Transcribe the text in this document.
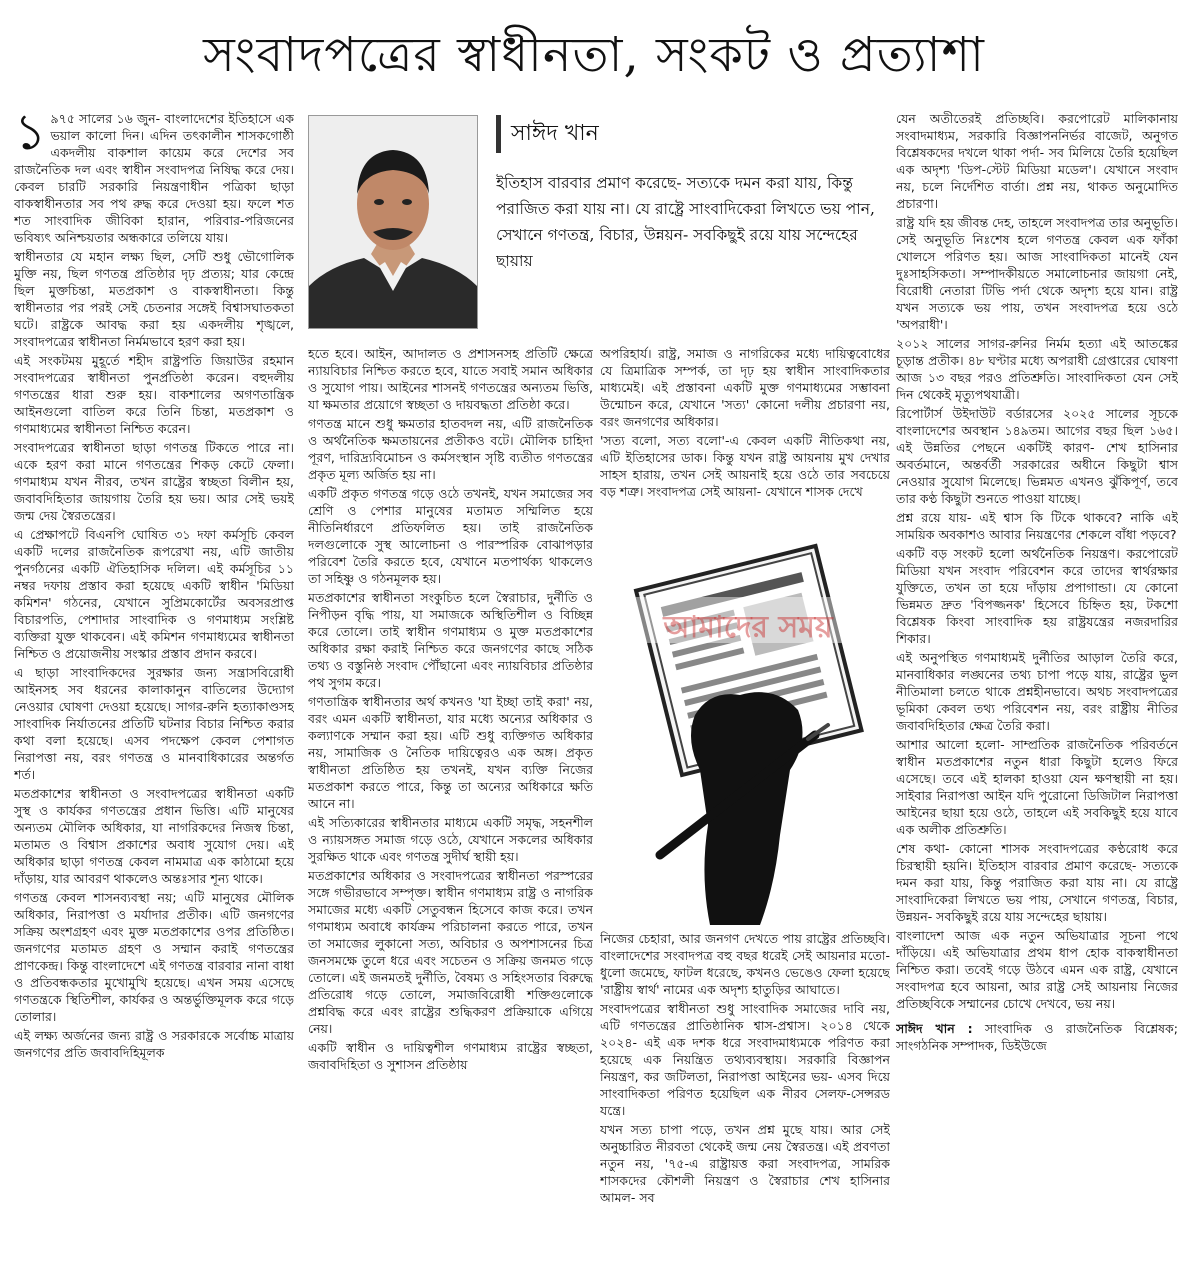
সংবাদপত্রের স্বাধীনতা, সংকট ও প্রত্যাশা
১ ৯৭৫ সালের ১৬ জুন- বাংলাদেশের ইতিহাসে এক ভয়াল কালো দিন। এদিন তৎকালীন শাসকগোষ্ঠী একদলীয় বাকশাল কায়েম করে দেশের সব রাজনৈতিক দল এবং স্বাধীন সংবাদপত্র নিষিদ্ধ করে দেয়। কেবল চারটি সরকারি নিয়ন্ত্রণাধীন পত্রিকা ছাড়া বাকস্বাধীনতার সব পথ রুদ্ধ করে দেওয়া হয়। ফলে শত শত সাংবাদিক জীবিকা হারান, পরিবার-পরিজনের ভবিষ্যৎ অনিশ্চয়তার অন্ধকারে তলিয়ে যায়।

স্বাধীনতার যে মহান লক্ষ্য ছিল, সেটি শুধু ভৌগোলিক মুক্তি নয়, ছিল গণতন্ত্র প্রতিষ্ঠার দৃঢ় প্রত্যয়; যার কেন্দ্রে ছিল মুক্তচিন্তা, মতপ্রকাশ ও বাকস্বাধীনতা। কিন্তু স্বাধীনতার পর পরই সেই চেতনার সঙ্গেই বিশ্বাসঘাতকতা ঘটে। রাষ্ট্রকে আবদ্ধ করা হয় একদলীয় শৃঙ্খলে, সংবাদপত্রের স্বাধীনতা নির্মমভাবে হরণ করা হয়।

এই সংকটময় মুহূর্তে শহীদ রাষ্ট্রপতি জিয়াউর রহমান সংবাদপত্রের স্বাধীনতা পুনর্প্রতিষ্ঠা করেন। বহুদলীয় গণতন্ত্রের ধারা শুরু হয়। বাকশালের অগণতান্ত্রিক আইনগুলো বাতিল করে তিনি চিন্তা, মতপ্রকাশ ও গণমাধ্যমের স্বাধীনতা নিশ্চিত করেন।

সংবাদপত্রের স্বাধীনতা ছাড়া গণতন্ত্র টিকতে পারে না। একে হরণ করা মানে গণতন্ত্রের শিকড় কেটে ফেলা। গণমাধ্যম যখন নীরব, তখন রাষ্ট্রের স্বচ্ছতা বিলীন হয়, জবাবদিহিতার জায়গায় তৈরি হয় ভয়। আর সেই ভয়ই জন্ম দেয় স্বৈরতন্ত্রের।

এ প্রেক্ষাপটে বিএনপি ঘোষিত ৩১ দফা কর্মসূচি কেবল একটি দলের রাজনৈতিক রূপরেখা নয়, এটি জাতীয় পুনর্গঠনের একটি ঐতিহাসিক দলিল। এই কর্মসূচির ১১ নম্বর দফায় প্রস্তাব করা হয়েছে একটি স্বাধীন 'মিডিয়া কমিশন' গঠনের, যেখানে সুপ্রিমকোর্টের অবসরপ্রাপ্ত বিচারপতি, পেশাদার সাংবাদিক ও গণমাধ্যম সংশ্লিষ্ট ব্যক্তিরা যুক্ত থাকবেন। এই কমিশন গণমাধ্যমের স্বাধীনতা নিশ্চিত ও প্রয়োজনীয় সংস্কার প্রস্তাব প্রদান করবে।

এ ছাড়া সাংবাদিকদের সুরক্ষার জন্য সন্ত্রাসবিরোধী আইনসহ সব ধরনের কালাকানুন বাতিলের উদ্যোগ নেওয়ার ঘোষণা দেওয়া হয়েছে। সাগর-রুনি হত্যাকাণ্ডসহ সাংবাদিক নির্যাতনের প্রতিটি ঘটনার বিচার নিশ্চিত করার কথা বলা হয়েছে। এসব পদক্ষেপ কেবল পেশাগত নিরাপত্তা নয়, বরং গণতন্ত্র ও মানবাধিকারের অন্তর্গত শর্ত।

মতপ্রকাশের স্বাধীনতা ও সংবাদপত্রের স্বাধীনতা একটি সুস্থ ও কার্যকর গণতন্ত্রের প্রধান ভিত্তি। এটি মানুষের অন্যতম মৌলিক অধিকার, যা নাগরিকদের নিজস্ব চিন্তা, মতামত ও বিশ্বাস প্রকাশের অবাধ সুযোগ দেয়। এই অধিকার ছাড়া গণতন্ত্র কেবল নামমাত্র এক কাঠামো হয়ে দাঁড়ায়, যার আবরণ থাকলেও অন্তঃসার শূন্য থাকে।

গণতন্ত্র কেবল শাসনব্যবস্থা নয়; এটি মানুষের মৌলিক অধিকার, নিরাপত্তা ও মর্যাদার প্রতীক। এটি জনগণের সক্রিয় অংশগ্রহণ এবং মুক্ত মতপ্রকাশের ওপর প্রতিষ্ঠিত। জনগণের মতামত গ্রহণ ও সম্মান করাই গণতন্ত্রের প্রাণকেন্দ্র। কিন্তু বাংলাদেশে এই গণতন্ত্র বারবার নানা বাধা ও প্রতিবন্ধকতার মুখোমুখি হয়েছে। এখন সময় এসেছে গণতন্ত্রকে স্থিতিশীল, কার্যকর ও অন্তর্ভুক্তিমূলক করে গড়ে তোলার।

এই লক্ষ্য অর্জনের জন্য রাষ্ট্র ও সরকারকে সর্বোচ্চ মাত্রায় জনগণের প্রতি জবাবদিহিমূলক

সাঈদ খান
ইতিহাস বারবার প্রমাণ করেছে- সত্যকে দমন করা যায়, কিন্তু পরাজিত করা যায় না। যে রাষ্ট্রে সাংবাদিকেরা লিখতে ভয় পান, সেখানে গণতন্ত্র, বিচার, উন্নয়ন- সবকিছুই রয়ে যায় সন্দেহের ছায়ায়

হতে হবে। আইন, আদালত ও প্রশাসনসহ প্রতিটি ক্ষেত্রে ন্যায়বিচার নিশ্চিত করতে হবে, যাতে সবাই সমান অধিকার ও সুযোগ পায়। আইনের শাসনই গণতন্ত্রের অন্যতম ভিত্তি, যা ক্ষমতার প্রয়োগে স্বচ্ছতা ও দায়বদ্ধতা প্রতিষ্ঠা করে।

গণতন্ত্র মানে শুধু ক্ষমতার হাতবদল নয়, এটি রাজনৈতিক ও অর্থনৈতিক ক্ষমতায়নের প্রতীকও বটে। মৌলিক চাহিদা পূরণ, দারিদ্র্যবিমোচন ও কর্মসংস্থান সৃষ্টি ব্যতীত গণতন্ত্রের প্রকৃত মূল্য অর্জিত হয় না।

একটি প্রকৃত গণতন্ত্র গড়ে ওঠে তখনই, যখন সমাজের সব শ্রেণি ও পেশার মানুষের মতামত সম্মিলিত হয়ে নীতিনির্ধারণে প্রতিফলিত হয়। তাই রাজনৈতিক দলগুলোকে সুস্থ আলোচনা ও পারস্পরিক বোঝাপড়ার পরিবেশ তৈরি করতে হবে, যেখানে মতপার্থক্য থাকলেও তা সহিষ্ণু ও গঠনমূলক হয়।

মতপ্রকাশের স্বাধীনতা সংকুচিত হলে স্বৈরাচার, দুর্নীতি ও নিপীড়ন বৃদ্ধি পায়, যা সমাজকে অস্থিতিশীল ও বিচ্ছিন্ন করে তোলে। তাই স্বাধীন গণমাধ্যম ও মুক্ত মতপ্রকাশের অধিকার রক্ষা করাই নিশ্চিত করে জনগণের কাছে সঠিক তথ্য ও বস্তুনিষ্ঠ সংবাদ পৌঁছানো এবং ন্যায়বিচার প্রতিষ্ঠার পথ সুগম করে।

গণতান্ত্রিক স্বাধীনতার অর্থ কখনও 'যা ইচ্ছা তাই করা' নয়, বরং এমন একটি স্বাধীনতা, যার মধ্যে অন্যের অধিকার ও কল্যাণকে সম্মান করা হয়। এটি শুধু ব্যক্তিগত অধিকার নয়, সামাজিক ও নৈতিক দায়িত্বেরও এক অঙ্গ। প্রকৃত স্বাধীনতা প্রতিষ্ঠিত হয় তখনই, যখন ব্যক্তি নিজের মতপ্রকাশ করতে পারে, কিন্তু তা অন্যের অধিকারে ক্ষতি আনে না।

এই সত্যিকারের স্বাধীনতার মাধ্যমে একটি সমৃদ্ধ, সহনশীল ও ন্যায়সঙ্গত সমাজ গড়ে ওঠে, যেখানে সকলের অধিকার সুরক্ষিত থাকে এবং গণতন্ত্র সুদীর্ঘ স্থায়ী হয়।

মতপ্রকাশের অধিকার ও সংবাদপত্রের স্বাধীনতা পরস্পরের সঙ্গে গভীরভাবে সম্পৃক্ত। স্বাধীন গণমাধ্যম রাষ্ট্র ও নাগরিক সমাজের মধ্যে একটি সেতুবন্ধন হিসেবে কাজ করে। তখন গণমাধ্যম অবাধে কার্যক্রম পরিচালনা করতে পারে, তখন তা সমাজের লুকানো সত্য, অবিচার ও অপশাসনের চিত্র জনসমক্ষে তুলে ধরে এবং সচেতন ও সক্রিয় জনমত গড়ে তোলে। এই জনমতই দুর্নীতি, বৈষম্য ও সহিংসতার বিরুদ্ধে প্রতিরোধ গড়ে তোলে, সমাজবিরোধী শক্তিগুলোকে প্রশ্নবিদ্ধ করে এবং রাষ্ট্রের শুদ্ধিকরণ প্রক্রিয়াকে এগিয়ে নেয়।

একটি স্বাধীন ও দায়িত্বশীল গণমাধ্যম রাষ্ট্রের স্বচ্ছতা, জবাবদিহিতা ও সুশাসন প্রতিষ্ঠায়

অপরিহার্য। রাষ্ট্র, সমাজ ও নাগরিকের মধ্যে দায়িত্ববোধের যে ত্রিমাত্রিক সম্পর্ক, তা দৃঢ় হয় স্বাধীন সাংবাদিকতার মাধ্যমেই। এই প্রস্তাবনা একটি মুক্ত গণমাধ্যমের সম্ভাবনা উন্মোচন করে, যেখানে 'সত্য' কোনো দলীয় প্রচারণা নয়, বরং জনগণের অধিকার।

'সত্য বলো, সত্য বলো'-এ কেবল একটি নীতিকথা নয়, এটি ইতিহাসের ডাক। কিন্তু যখন রাষ্ট্র আয়নায় মুখ দেখার সাহস হারায়, তখন সেই আয়নাই হয়ে ওঠে তার সবচেয়ে বড় শত্রু। সংবাদপত্র সেই আয়না- যেখানে শাসক দেখে

আমাদের সময়

নিজের চেহারা, আর জনগণ দেখতে পায় রাষ্ট্রের প্রতিচ্ছবি। বাংলাদেশের সংবাদপত্র বহু বছর ধরেই সেই আয়নার মতো- ধুলো জমেছে, ফাটল ধরেছে, কখনও ভেঙেও ফেলা হয়েছে 'রাষ্ট্রীয় স্বার্থ' নামের এক অদৃশ্য হাতুড়ির আঘাতে।

সংবাদপত্রের স্বাধীনতা শুধু সাংবাদিক সমাজের দাবি নয়, এটি গণতন্ত্রের প্রাতিষ্ঠানিক শ্বাস-প্রশ্বাস। ২০১৪ থেকে ২০২৪- এই এক দশক ধরে সংবাদমাধ্যমকে পরিণত করা হয়েছে এক নিয়ন্ত্রিত তথ্যব্যবস্থায়। সরকারি বিজ্ঞাপন নিয়ন্ত্রণ, কর জটিলতা, নিরাপত্তা আইনের ভয়- এসব দিয়ে সাংবাদিকতা পরিণত হয়েছিল এক নীরব সেলফ-সেন্সরড যন্ত্রে।

যখন সত্য চাপা পড়ে, তখন প্রশ্ন মুছে যায়। আর সেই অনুচ্চারিত নীরবতা থেকেই জন্ম নেয় স্বৈরতন্ত্র। এই প্রবণতা নতুন নয়, '৭৫-এ রাষ্ট্রায়ত্ত করা সংবাদপত্র, সামরিক শাসকদের কৌশলী নিয়ন্ত্রণ ও স্বৈরাচার শেখ হাসিনার আমল- সব

যেন অতীতেরই প্রতিচ্ছবি। করপোরেট মালিকানায় সংবাদমাধ্যম, সরকারি বিজ্ঞাপননির্ভর বাজেট, অনুগত বিশ্লেষকদের দখলে থাকা পর্দা- সব মিলিয়ে তৈরি হয়েছিল এক অদৃশ্য 'ডিপ-স্টেট মিডিয়া মডেল'। যেখানে সংবাদ নয়, চলে নির্দেশিত বার্তা। প্রশ্ন নয়, থাকত অনুমোদিত প্রচারণা।

রাষ্ট্র যদি হয় জীবন্ত দেহ, তাহলে সংবাদপত্র তার অনুভূতি। সেই অনুভূতি নিঃশেষ হলে গণতন্ত্র কেবল এক ফাঁকা খোলসে পরিণত হয়। আজ সাংবাদিকতা মানেই যেন দুঃসাহসিকতা। সম্পাদকীয়তে সমালোচনার জায়গা নেই, বিরোধী নেতারা টিভি পর্দা থেকে অদৃশ্য হয়ে যান। রাষ্ট্র যখন সত্যকে ভয় পায়, তখন সংবাদপত্র হয়ে ওঠে 'অপরাধী'।

২০১২ সালের সাগর-রুনির নির্মম হত্যা এই আতঙ্কের চূড়ান্ত প্রতীক। ৪৮ ঘণ্টার মধ্যে অপরাধী গ্রেপ্তারের ঘোষণা আজ ১৩ বছর পরও প্রতিশ্রুতি। সাংবাদিকতা যেন সেই দিন থেকেই মৃত্যুপথযাত্রী।

রিপোর্টার্স উইদাউট বর্ডারসের ২০২৫ সালের সূচকে বাংলাদেশের অবস্থান ১৪৯তম। আগের বছর ছিল ১৬৫। এই উন্নতির পেছনে একটিই কারণ- শেখ হাসিনার অবর্তমানে, অন্তর্বর্তী সরকারের অধীনে কিছুটা শ্বাস নেওয়ার সুযোগ মিলেছে। ভিন্নমত এখনও ঝুঁকিপূর্ণ, তবে তার কণ্ঠ কিছুটা শুনতে পাওয়া যাচ্ছে।

প্রশ্ন রয়ে যায়- এই শ্বাস কি টিকে থাকবে? নাকি এই সাময়িক অবকাশও আবার নিয়ন্ত্রণের শেকলে বাঁধা পড়বে?

একটি বড় সংকট হলো অর্থনৈতিক নিয়ন্ত্রণ। করপোরেট মিডিয়া যখন সংবাদ পরিবেশন করে তাদের স্বার্থরক্ষার যুক্তিতে, তখন তা হয়ে দাঁড়ায় প্রপাগান্ডা। যে কোনো ভিন্নমত দ্রুত 'বিপজ্জনক' হিসেবে চিহ্নিত হয়, টকশো বিশ্লেষক কিংবা সাংবাদিক হয় রাষ্ট্রযন্ত্রের নজরদারির শিকার।

এই অনুপস্থিত গণমাধ্যমই দুর্নীতির আড়াল তৈরি করে, মানবাধিকার লঙ্ঘনের তথ্য চাপা পড়ে যায়, রাষ্ট্রের ভুল নীতিমালা চলতে থাকে প্রশ্নহীনভাবে। অথচ সংবাদপত্রের ভূমিকা কেবল তথ্য পরিবেশন নয়, বরং রাষ্ট্রীয় নীতির জবাবদিহিতার ক্ষেত্র তৈরি করা।

আশার আলো হলো- সাম্প্রতিক রাজনৈতিক পরিবর্তনে স্বাধীন মতপ্রকাশের নতুন ধারা কিছুটা হলেও ফিরে এসেছে। তবে এই হালকা হাওয়া যেন ক্ষণস্থায়ী না হয়। সাইবার নিরাপত্তা আইন যদি পুরোনো ডিজিটাল নিরাপত্তা আইনের ছায়া হয়ে ওঠে, তাহলে এই সবকিছুই হয়ে যাবে এক অলীক প্রতিশ্রুতি।

শেষ কথা- কোনো শাসক সংবাদপত্রের কণ্ঠরোধ করে চিরস্থায়ী হয়নি। ইতিহাস বারবার প্রমাণ করেছে- সত্যকে দমন করা যায়, কিন্তু পরাজিত করা যায় না। যে রাষ্ট্রে সাংবাদিকেরা লিখতে ভয় পায়, সেখানে গণতন্ত্র, বিচার, উন্নয়ন- সবকিছুই রয়ে যায় সন্দেহের ছায়ায়।

বাংলাদেশ আজ এক নতুন অভিযাত্রার সূচনা পথে দাঁড়িয়ে। এই অভিযাত্রার প্রথম ধাপ হোক বাকস্বাধীনতা নিশ্চিত করা। তবেই গড়ে উঠবে এমন এক রাষ্ট্র, যেখানে সংবাদপত্র হবে আয়না, আর রাষ্ট্র সেই আয়নায় নিজের প্রতিচ্ছবিকে সম্মানের চোখে দেখবে, ভয় নয়।

সাঈদ খান : সাংবাদিক ও রাজনৈতিক বিশ্লেষক; সাংগঠনিক সম্পাদক, ডিইউজে
